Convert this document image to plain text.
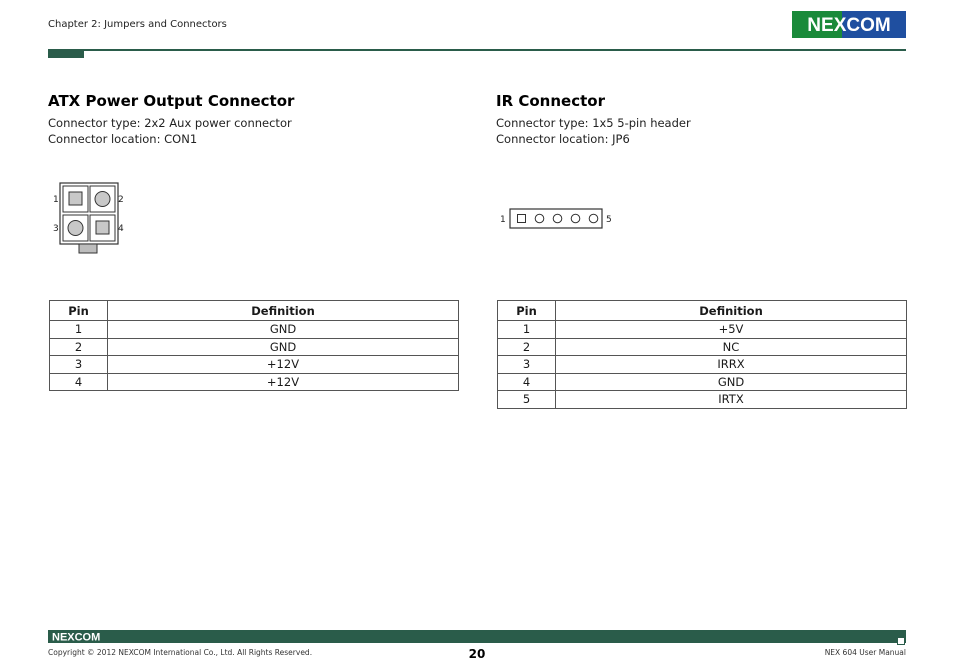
Chapter 2: Jumpers and Connectors	NEXCOM
ATX Power Output Connector
Connector type: 2x2 Aux power connector
Connector location: CON1
1	2
3	4
Pin	Definition
1	GND
2	GND
3	+12V
4	+12V
IR Connector
Connector type: 1x5 5-pin header
Connector location: JP6
1	5
Pin	Definition
1	+5V
2	NC
3	IRRX
4	GND
5	IRTX
NEXCOM
Copyright © 2012 NEXCOM International Co., Ltd. All Rights Reserved.	20	NEX 604 User Manual
